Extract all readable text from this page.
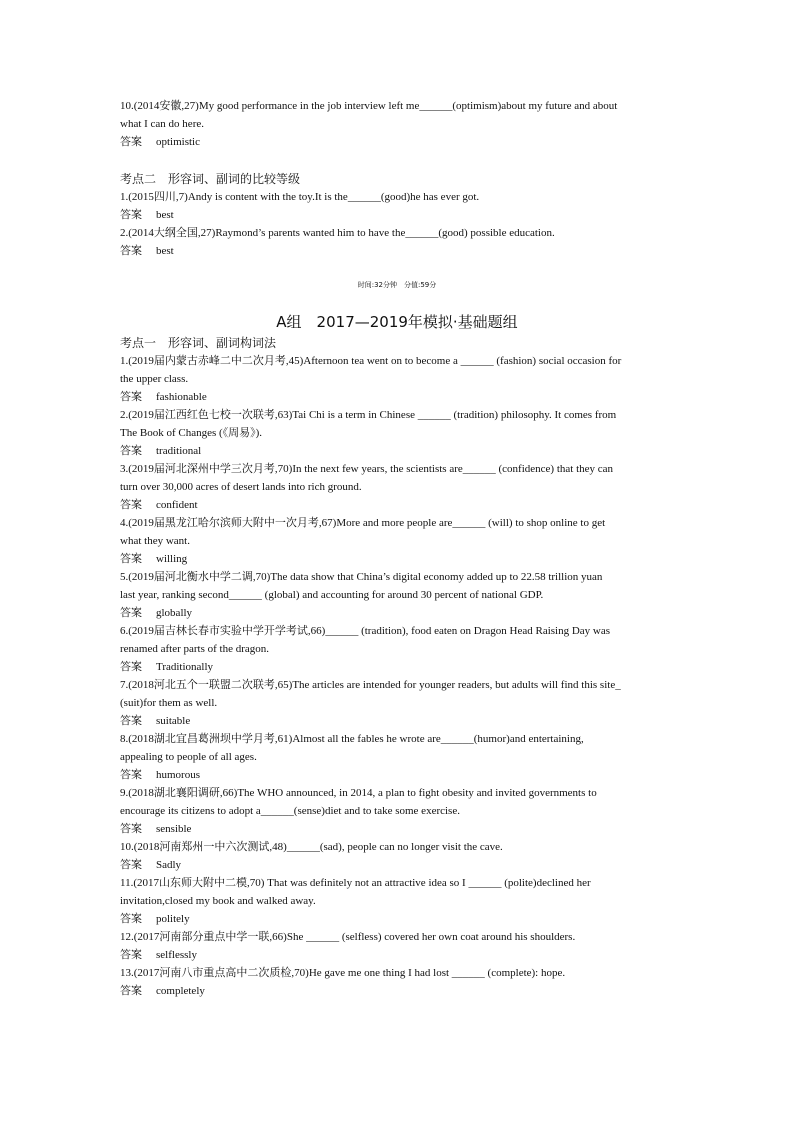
10.(2014安徽,27)My good performance in the job interview left me______(optimism)about my future and about
what I can do here.
答案 optimistic
考点二　形容词、副词的比较等级
1.(2015四川,7)Andy is content with the toy.It is the______(good)he has ever got.
答案 best
2.(2014大纲全国,27)Raymond’s parents wanted him to have the______(good) possible education.
答案 best
时间:32分钟　分值:59分
A组　2017—2019年模拟·基础题组
考点一　形容词、副词构词法
1.(2019届内蒙古赤峰二中二次月考,45)Afternoon tea went on to become a ______ (fashion) social occasion for
the upper class.
答案 fashionable
2.(2019届江西红色七校一次联考,63)Tai Chi is a term in Chinese ______ (tradition) philosophy. It comes from
The Book of Changes (《周易》).
答案 traditional
3.(2019届河北深州中学三次月考,70)In the next few years, the scientists are______ (confidence) that they can
turn over 30,000 acres of desert lands into rich ground.
答案 confident
4.(2019届黑龙江哈尔滨师大附中一次月考,67)More and more people are______ (will) to shop online to get
what they want.
答案 willing
5.(2019届河北衡水中学二调,70)The data show that China’s digital economy added up to 22.58 trillion yuan
last year, ranking second______ (global) and accounting for around 30 percent of national GDP.
答案 globally
6.(2019届吉林长春市实验中学开学考试,66)______ (tradition), food eaten on Dragon Head Raising Day was
renamed after parts of the dragon.
答案 Traditionally
7.(2018河北五个一联盟二次联考,65)The articles are intended for younger readers, but adults will find this site_
(suit)for them as well.
答案 suitable
8.(2018湖北宜昌葛洲坝中学月考,61)Almost all the fables he wrote are______(humor)and entertaining,
appealing to people of all ages.
答案 humorous
9.(2018湖北襄阳调研,66)The WHO announced, in 2014, a plan to fight obesity and invited governments to
encourage its citizens to adopt a______(sense)diet and to take some exercise.
答案 sensible
10.(2018河南郑州一中六次测试,48)______(sad), people can no longer visit the cave.
答案 Sadly
11.(2017山东师大附中二模,70) That was definitely not an attractive idea so I ______ (polite)declined her
invitation,closed my book and walked away.
答案 politely
12.(2017河南部分重点中学一联,66)She ______ (selfless) covered her own coat around his shoulders.
答案 selflessly
13.(2017河南八市重点高中二次质检,70)He gave me one thing I had lost ______ (complete): hope.
答案 completely
